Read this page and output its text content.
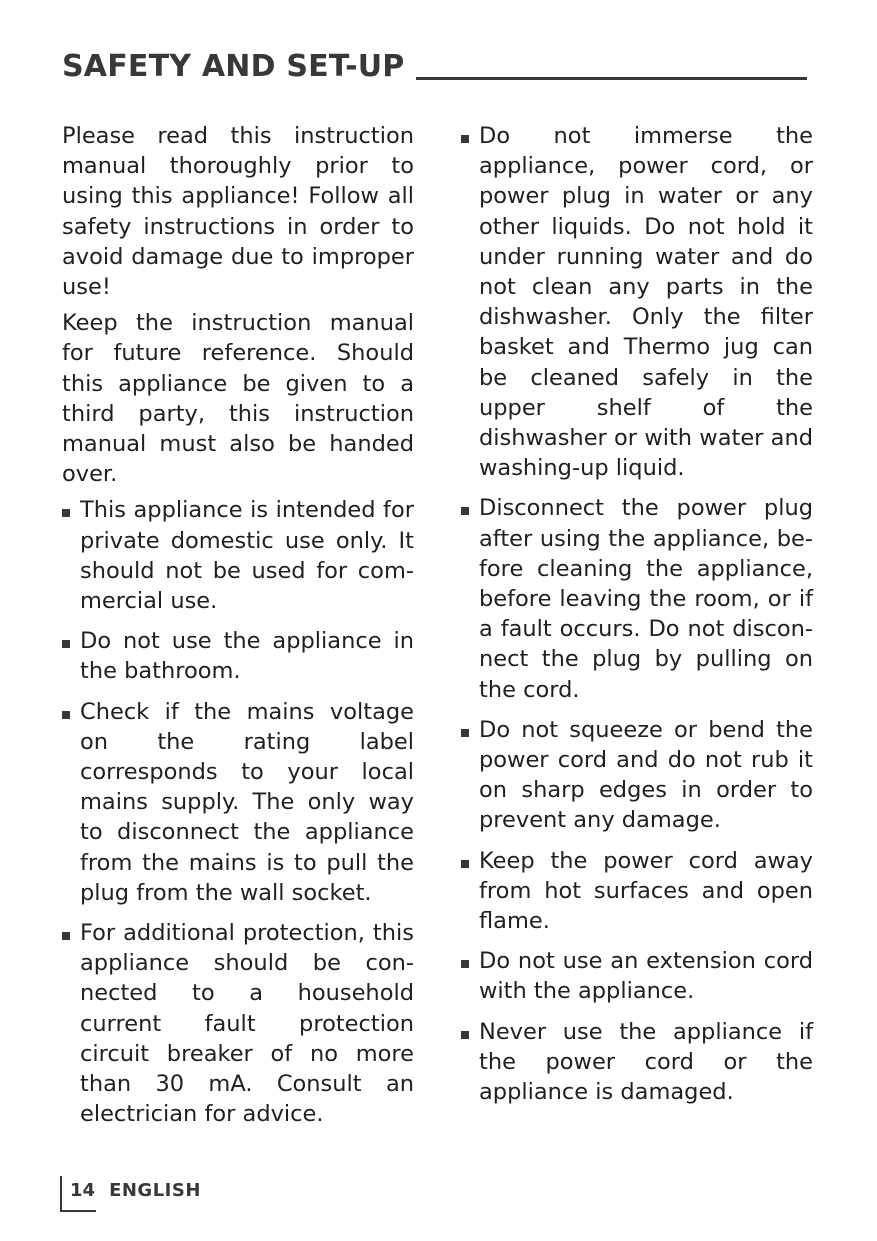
SAFETY AND SET-UP

Please read this instruction manual thoroughly prior to using this appliance! Follow all safety instructions in order to avoid damage due to improper use!

Keep the instruction manual for future reference. Should this appliance be given to a third party, this instruction manual must also be handed over.

This appliance is intended for private domestic use only. It should not be used for commercial use.
Do not use the appliance in the bathroom.
Check if the mains voltage on the rating label corresponds to your local mains supply. The only way to disconnect the appliance from the mains is to pull the plug from the wall socket.
For additional protection, this appliance should be connected to a household current fault protection circuit breaker of no more than 30 mA. Consult an electrician for advice.
Do not immerse the appliance, power cord, or power plug in water or any other liquids. Do not hold it under running water and do not clean any parts in the dishwasher. Only the filter basket and Thermo jug can be cleaned safely in the upper shelf of the dishwasher or with water and washing-up liquid.
Disconnect the power plug after using the appliance, before cleaning the appliance, before leaving the room, or if a fault occurs. Do not disconnect the plug by pulling on the cord.
Do not squeeze or bend the power cord and do not rub it on sharp edges in order to prevent any damage.
Keep the power cord away from hot surfaces and open flame.
Do not use an extension cord with the appliance.
Never use the appliance if the power cord or the appliance is damaged.
14 ENGLISH
